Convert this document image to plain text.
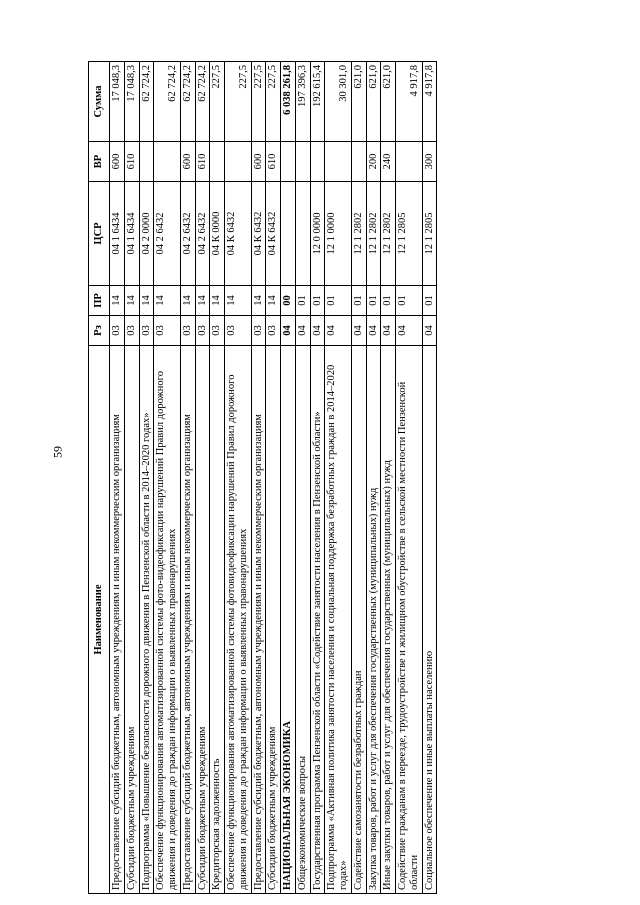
59
Наименование	Рз	ПР	ЦСР	ВР	Сумма
Предоставление субсидий бюджетным, автономным учреждениям и иным некоммерческим организациям	03	14	04 1 6434	600	17 048,3
Субсидии бюджетным учреждениям	03	14	04 1 6434	610	17 048,3
Подпрограмма «Повышение безопасности дорожного движения в Пензенской области в 2014–2020 годах»	03	14	04 2 0000		62 724,2
Обеспечение функционирования автоматизированной системы фото-видеофиксации нарушений Правил дорожного движения и доведения до граждан информации о выявленных правонарушениях	03	14	04 2 6432		62 724,2
Предоставление субсидий бюджетным, автономным учреждениям и иным некоммерческим организациям	03	14	04 2 6432	600	62 724,2
Субсидии бюджетным учреждениям	03	14	04 2 6432	610	62 724,2
Кредиторская задолженность	03	14	04 К 0000		227,5
Обеспечение функционирования автоматизированной системы фотовидеофиксации нарушений Правил дорожного движения и доведения до граждан информации о выявленных правонарушениях	03	14	04 К 6432		227,5
Предоставление субсидий бюджетным, автономным учреждениям и иным некоммерческим организациям	03	14	04 К 6432	600	227,5
Субсидии бюджетным учреждениям	03	14	04 К 6432	610	227,5
НАЦИОНАЛЬНАЯ ЭКОНОМИКА	04	00			6 038 261,8
Общеэкономические вопросы	04	01			197 396,3
Государственная программа Пензенской области «Содействие занятости населения в Пензенской области»	04	01	12 0 0000		192 615,4
Подпрограмма «Активная политика занятости населения и социальная поддержка безработных граждан в 2014–2020 годах»	04	01	12 1 0000		30 301,0
Содействие самозанятости безработных граждан	04	01	12 1 2802		621,0
Закупка товаров, работ и услуг для обеспечения государственных (муниципальных) нужд	04	01	12 1 2802	200	621,0
Иные закупки товаров, работ и услуг для обеспечения государственных (муниципальных) нужд	04	01	12 1 2802	240	621,0
Содействие гражданам в переезде, трудоустройстве и жилищном обустройстве в сельской местности Пензенской области	04	01	12 1 2805		4 917,8
Социальное обеспечение и иные выплаты населению	04	01	12 1 2805	300	4 917,8
